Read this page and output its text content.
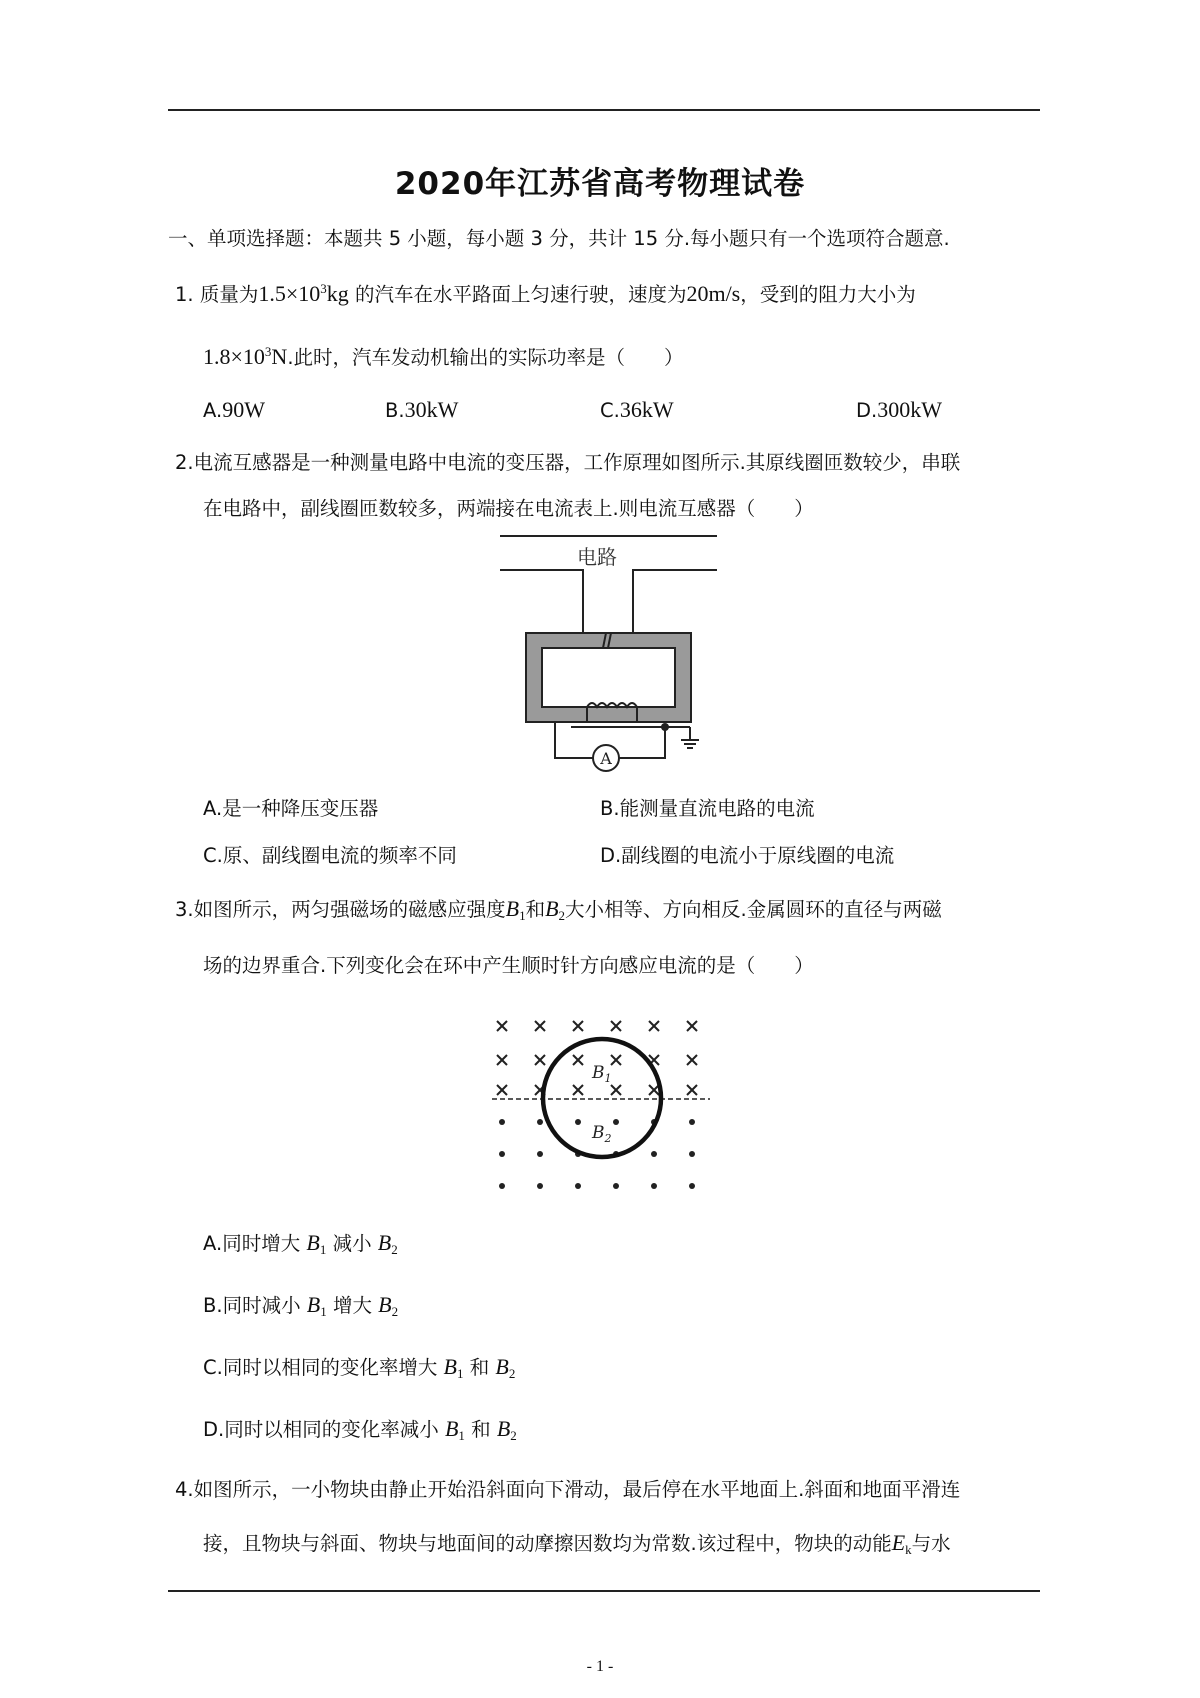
2020年江苏省高考物理试卷
一、单项选择题：本题共 5 小题，每小题 3 分，共计 15 分.每小题只有一个选项符合题意.
1. 质量为$1.5\times 10^3kg$ 的汽车在水平路面上匀速行驶，速度为20m/s，受到的阻力大小为
$1.8\times 10^3N$.此时，汽车发动机输出的实际功率是（　　）
A.90W	B.30kW	C.36kW	D.300kW
2.电流互感器是一种测量电路中电流的变压器，工作原理如图所示.其原线圈匝数较少，串联
在电路中，副线圈匝数较多，两端接在电流表上.则电流互感器（　　）
电路
A
A.是一种降压变压器	B.能测量直流电路的电流
C.原、副线圈电流的频率不同	D.副线圈的电流小于原线圈的电流
3.如图所示，两匀强磁场的磁感应强度$B_1$和$B_2$大小相等、方向相反.金属圆环的直径与两磁
场的边界重合.下列变化会在环中产生顺时针方向感应电流的是（　　）
$B_1$
$B_2$
A.同时增大 $B_1$ 减小 $B_2$
B.同时减小 $B_1$ 增大 $B_2$
C.同时以相同的变化率增大 $B_1$ 和 $B_2$
D.同时以相同的变化率减小 $B_1$ 和 $B_2$
4.如图所示，一小物块由静止开始沿斜面向下滑动，最后停在水平地面上.斜面和地面平滑连
接，且物块与斜面、物块与地面间的动摩擦因数均为常数.该过程中，物块的动能$E_k$与水
- 1 -
